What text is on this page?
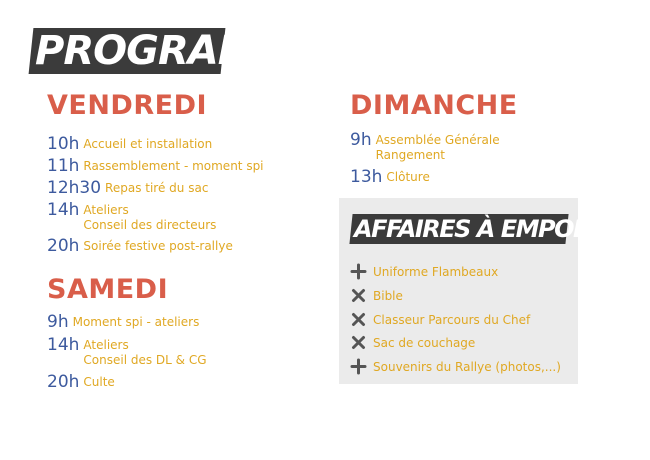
PROGRAMME
VENDREDI
10h Accueil et installation
11h Rassemblement - moment spi
12h30 Repas tiré du sac
14h Ateliers
Conseil des directeurs
20h Soirée festive post-rallye
SAMEDI
9h Moment spi - ateliers
14h Ateliers
Conseil des DL & CG
20h Culte
DIMANCHE
9h Assemblée Générale
Rangement
13h Clôture
AFFAIRES À EMPORTER
Uniforme Flambeaux
Bible
Classeur Parcours du Chef
Sac de couchage
Souvenirs du Rallye (photos,...)
